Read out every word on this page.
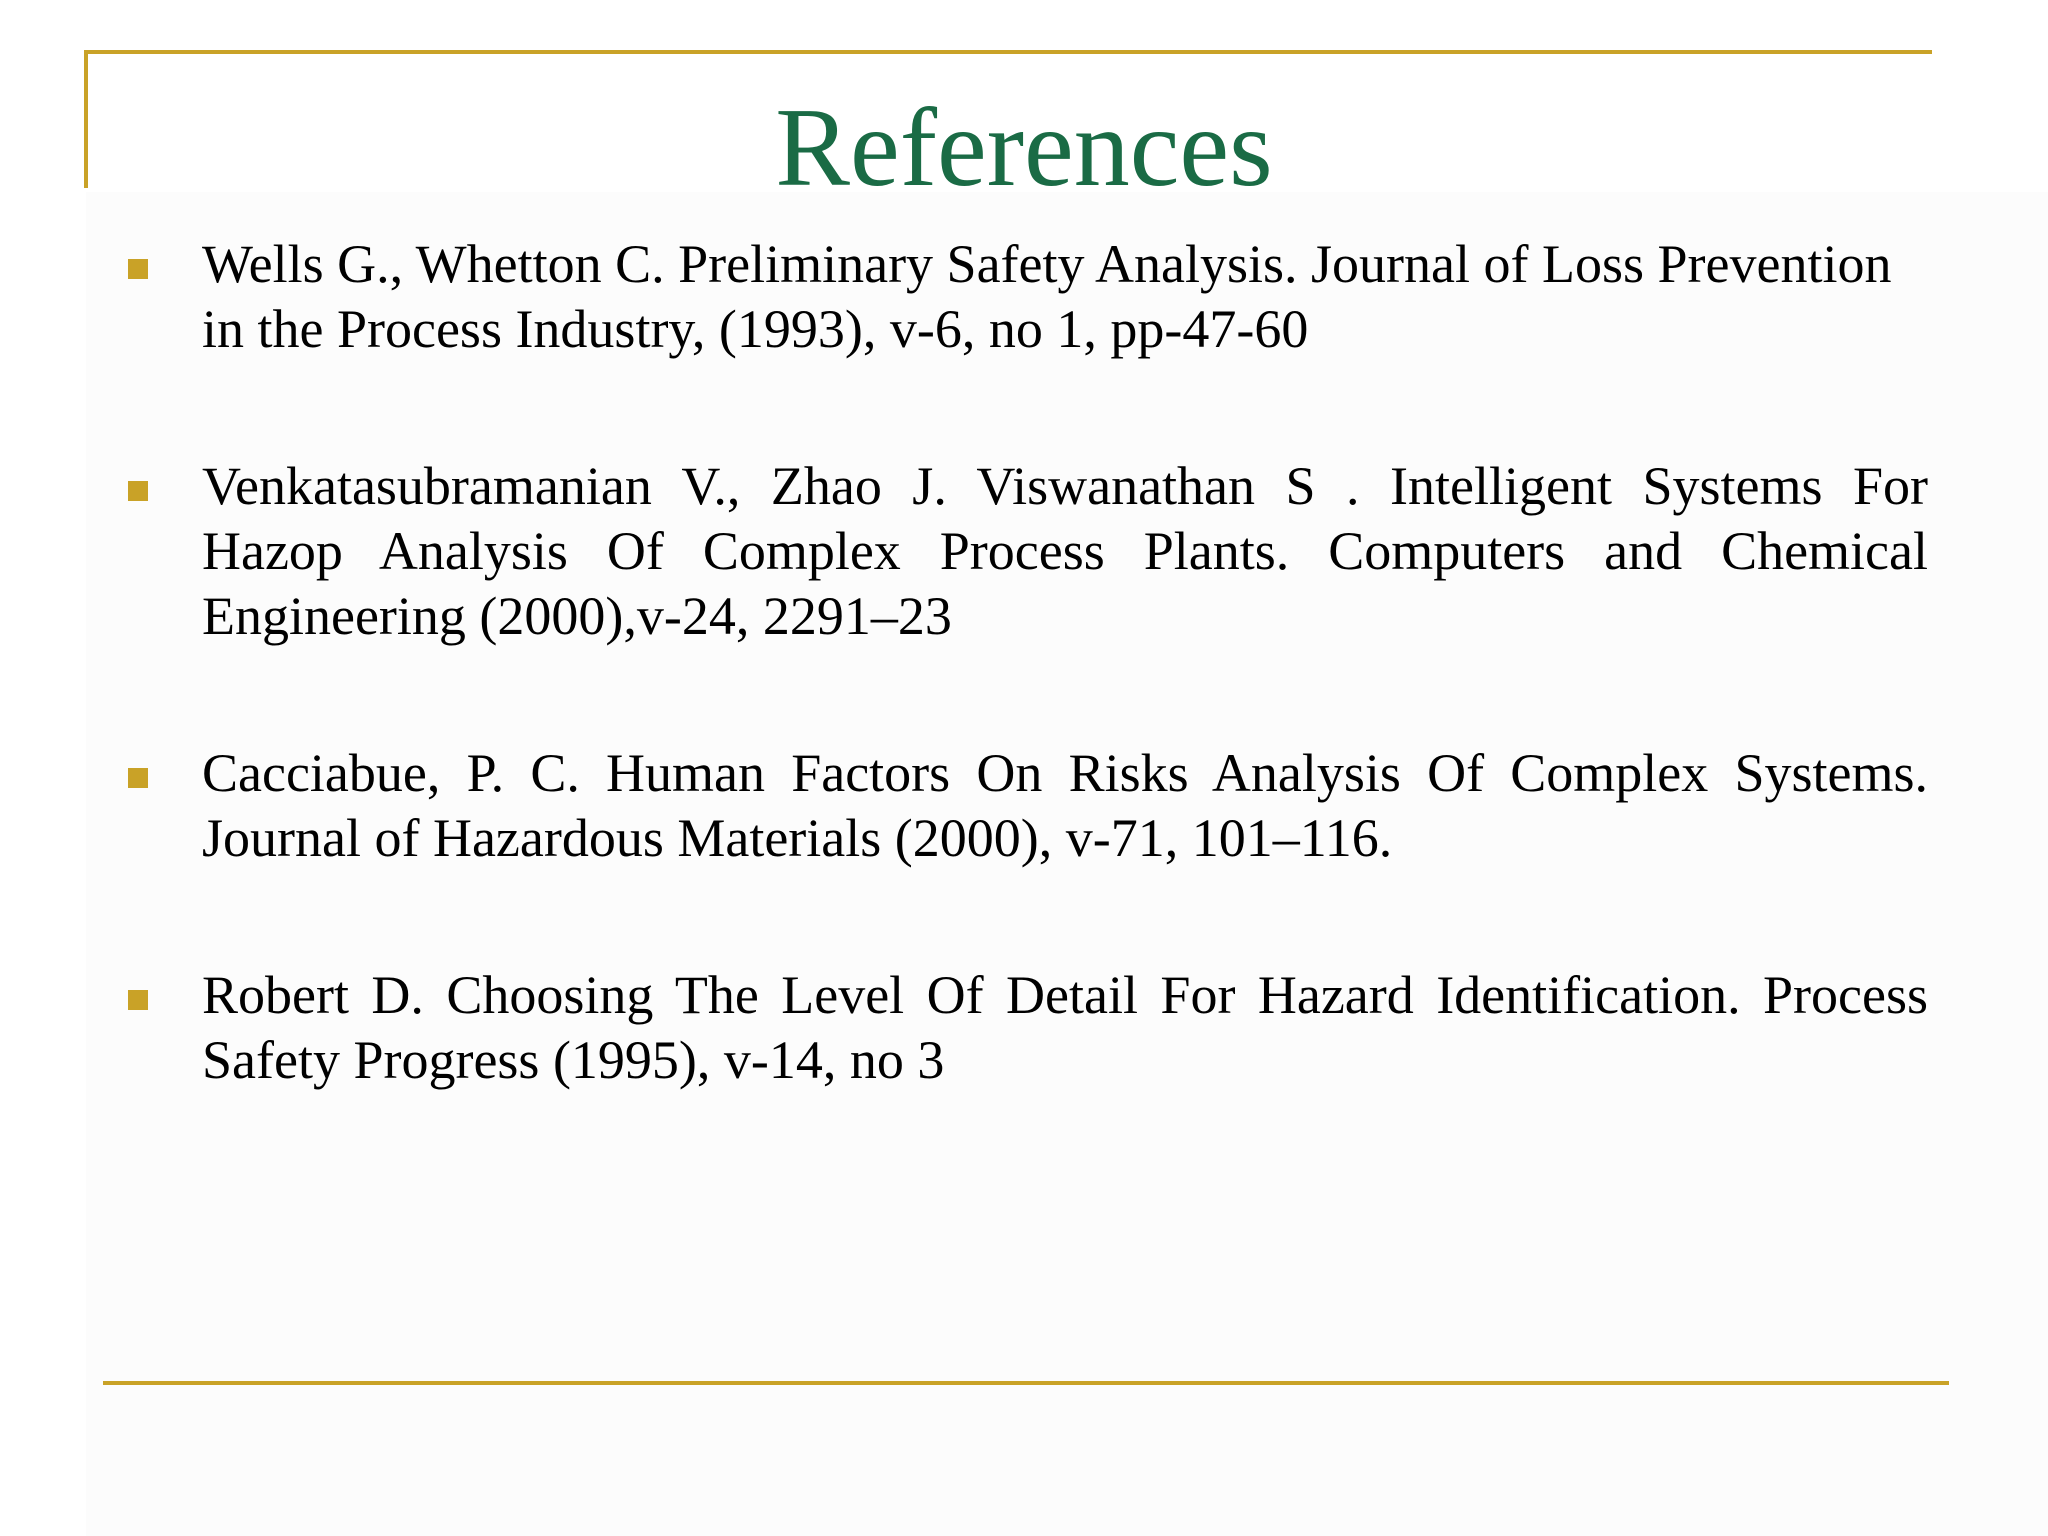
References
Wells G., Whetton C. Preliminary Safety Analysis. Journal of Loss Prevention in the Process Industry, (1993), v-6, no 1, pp-47-60
Venkatasubramanian V., Zhao J. Viswanathan S . Intelligent Systems For Hazop Analysis Of Complex Process Plants. Computers and Chemical Engineering (2000),v-24, 2291–23
Cacciabue, P. C. Human Factors On Risks Analysis Of Complex Systems. Journal of Hazardous Materials (2000), v-71, 101–116.
Robert D. Choosing The Level Of Detail For Hazard Identification. Process Safety Progress (1995), v-14, no 3
